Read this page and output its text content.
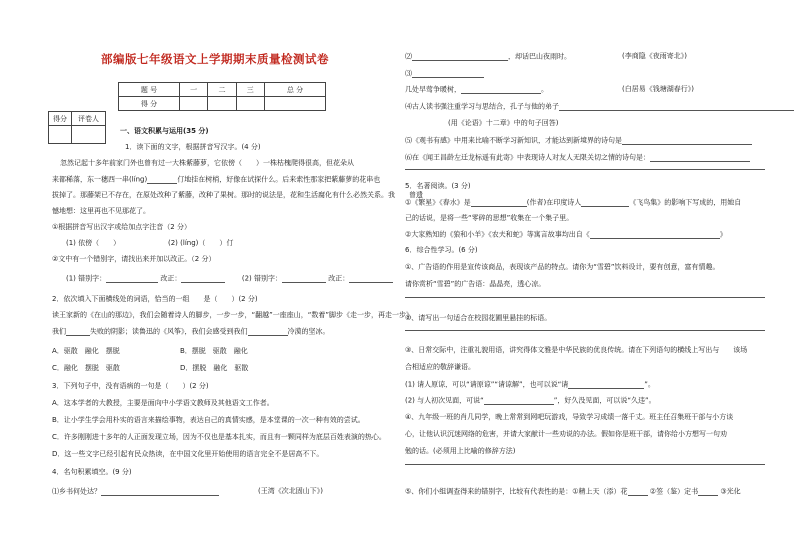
部编版七年级语文上学期期末质量检测试卷
题 号	一	二	三	总 分
得 分				
得分	评卷人

一、语文积累与运用(35 分)
1．读下面的文字，根据拼音写汉字。(4 分)
忽然记起十多年前家门外也曾有过一大株紫藤萝，它依傍（　　）一株枯槐爬得很高，但花朵从
来都稀落，东一穗西一串(líng)	仃地挂在树梢，好像在试探什么。后来索性那家把紫藤萝的花串也
拔掉了。那藤架已不存在，在原处改种了紫藤，改种了果树。那时的说法是，花和生活腐化有什么必然关系。我　　曾遗
憾地想：这里再也不见那花了。
①根据拼音写出汉字或给加点字注音（2 分）
(1) 依傍（　　）	(2) (líng)（　　）仃
②文中有一个错别字，请找出来并加以改正。（2 分）
(1) 错别字：	改正：	(2) 错别字：	改正：
2．依次填入下面横线处的词语，恰当的一组　　是（　　）(2 分)
读王家新的《在山的那边》，我们会随着诗人的脚步，一步一步，“翻越”一座座山，“数着”脚步《走一步，再走一步》，
我们	失败的阴影；读鲁迅的《风筝》，我们会感受到我们	冷漠的坚冰。
A．驱散　融化　摆脱	B．摆脱　驱散　融化
C．融化　摆脱　驱散	D．摆脱　融化　驱散
3．下列句子中，没有语病的一句是（　　）(2 分)
A．这本学者的大教授，主要是面向中小学语文教师及其他语文工作者。
B．让小学生学会用朴实的语言来描绘事物，表达自己的真情实感，是本堂课的一次一种有效的尝试。
C．许多刚刚进十多年的人正面发现立场，因为不仅也是基本扎实，而且有一颗同样为底层百姓表演的热心。
D．这一些文字已经引起有民众热读，在中国文化里开始使用的语言完全不是居高不下。
4．名句积累填空。(9 分)
⑴乡书何处达？	(王湾《次北固山下》)
⑵	，却话巴山夜雨时。	(李商隐《夜雨寄北》)
⑶
几处早莺争暖树，	。	(白居易《钱塘湖春行》)
⑷古人读书强注重学习与思结合，孔子与他的弟子
(用《论语》十二章》中的句子回答)
⑸《观书有感》中用来比喻不断学习新知识，才能达到新境界的诗句是
⑹在《闻王昌龄左迁龙标遥有此寄》中表现诗人对友人无限关切之情的诗句是：
5．名著阅读。(3 分)
①《繁星》《春水》是	(作者)在印度诗人	《飞鸟集》的影响下写成的，用她自
己的话说，是将一些“零碎的思想”收集在一个集子里。
②大家熟知的《狼和小羊》《农夫和蛇》等寓言故事均出自《	》
6．综合性学习。(6 分)
①、广告语的作用是宣传该商品，表现该产品的特点。请你为“雪碧”饮料设计，要有创意，富有情趣。
请你赏析“雪碧”的广告语：晶晶亮，透心凉。
②、请写出一句适合在校园花圃里悬挂的标语。
③、日常交际中，注重礼貌用语，讲究得体文雅是中华民族的优良传统。请在下列语句的横线上写出与　　该场
合相适应的敬辞谦语。
(1) 请人原谅，可以“请原谅”“请谅解”，也可以说“请	”。
(2) 与人初次见面，可说“	”，好久没见面，可以说“久违”。
④、九年级一班的肖几同学，晚上常常到网吧玩游戏，导致学习成绩一落千丈。班主任召集班干部与小方谈
心，让他认识沉迷网络的危害，并请大家献计一些劝说的办法。假如你是班干部，请你给小方想写一句劝
勉的话。(必须用上比喻的修辞方法)
⑤、你们小组调查得来的错别字，比较有代表性的是：①精上天（添）花	②签（鉴）定书	③光化
